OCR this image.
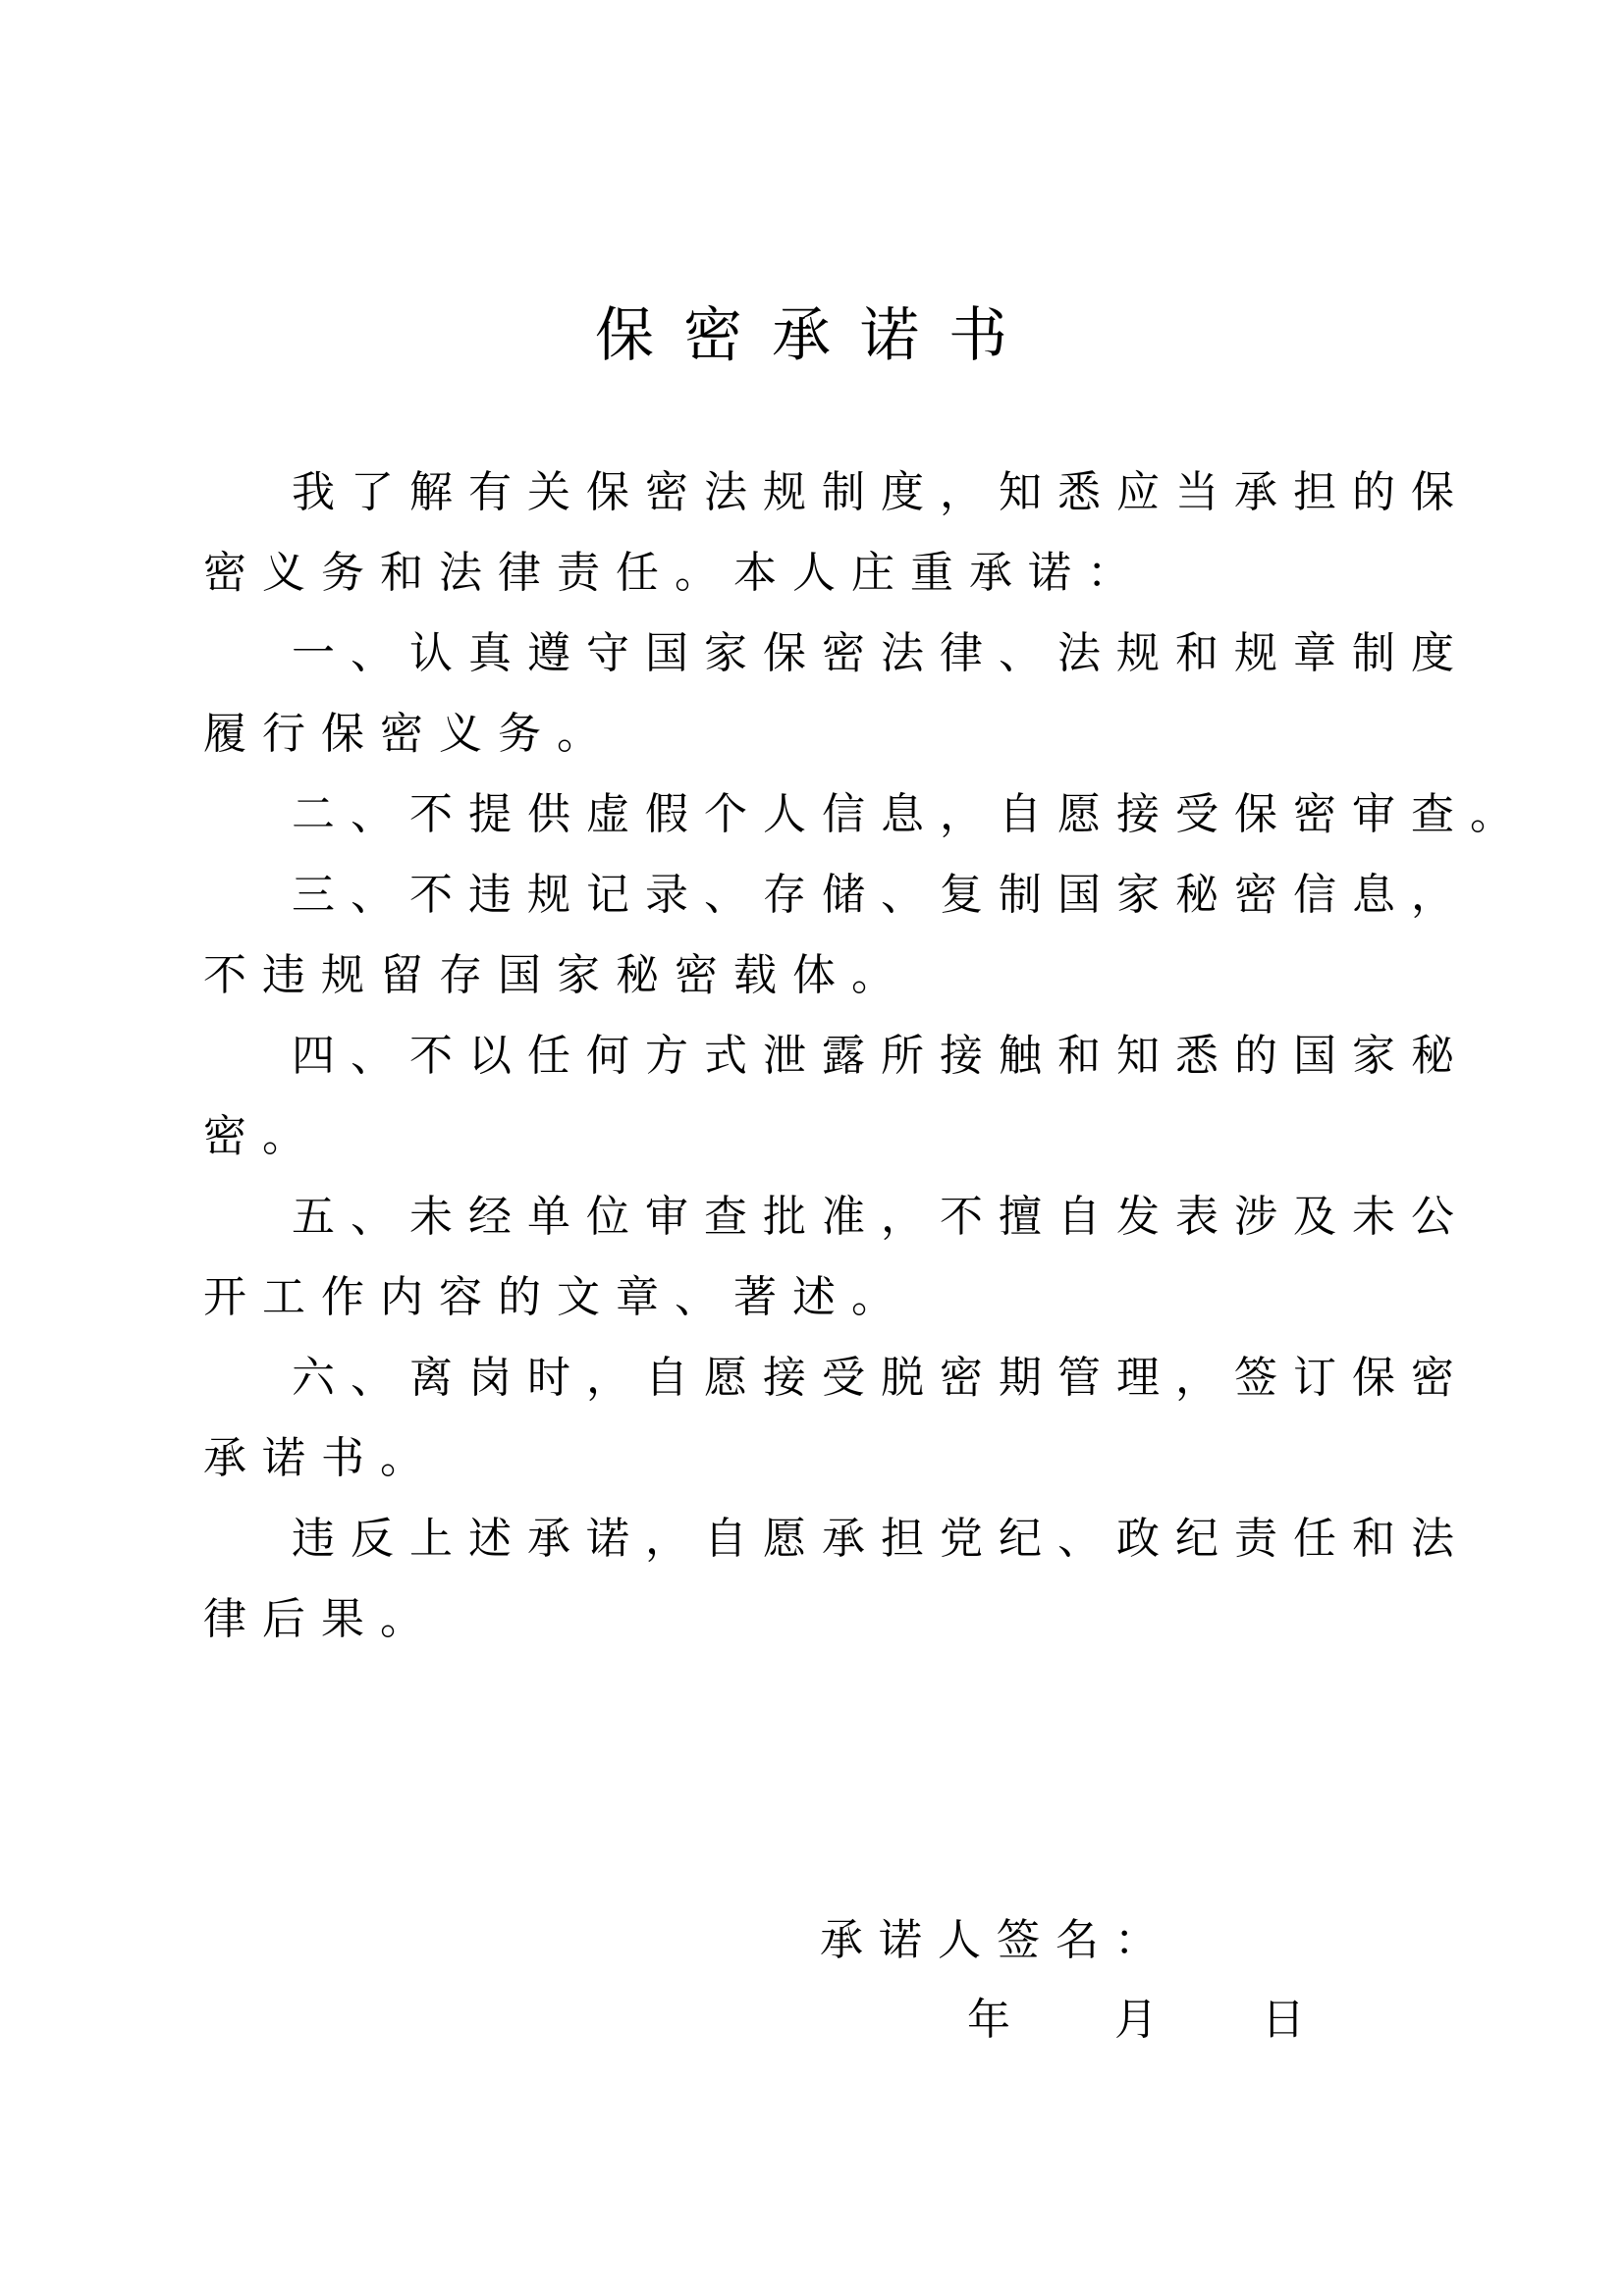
保密承诺书
我了解有关保密法规制度，知悉应当承担的保
密义务和法律责任。本人庄重承诺：
一、认真遵守国家保密法律、法规和规章制度
履行保密义务。
二、不提供虚假个人信息，自愿接受保密审查。
三、不违规记录、存储、复制国家秘密信息，
不违规留存国家秘密载体。
四、不以任何方式泄露所接触和知悉的国家秘
密。
五、未经单位审查批准，不擅自发表涉及未公
开工作内容的文章、著述。
六、离岗时，自愿接受脱密期管理，签订保密
承诺书。
违反上述承诺，自愿承担党纪、政纪责任和法
律后果。
承诺人签名：
年 月 日
